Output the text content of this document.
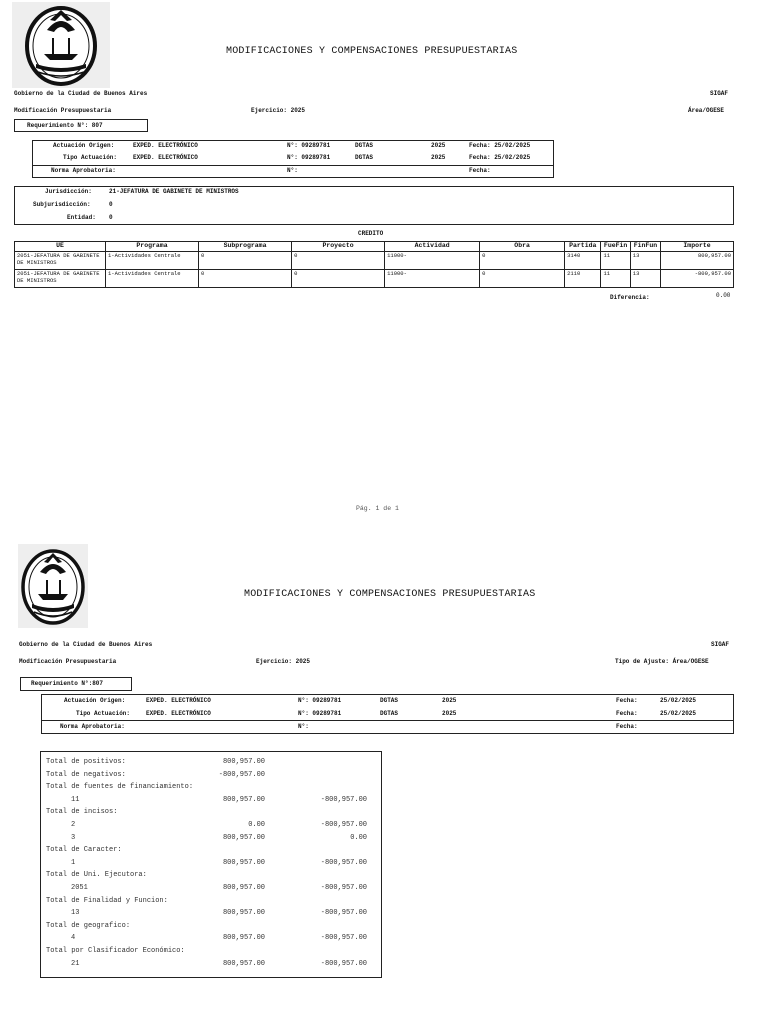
MODIFICACIONES Y COMPENSACIONES PRESUPUESTARIAS
Gobierno de la Ciudad de Buenos Aires	SIGAF
Modificación Presupuestaria	Ejercicio: 2025	Área/OGESE
Requerimiento N°: 807
Actuación Origen:	EXPED. ELECTRÓNICO	N°: 09289781	DGTAS	2025	Fecha: 25/02/2025
Tipo Actuación:	EXPED. ELECTRÓNICO	N°: 09289781	DGTAS	2025	Fecha: 25/02/2025
Norma Aprobatoria:	N°:	Fecha:
Jurisdicción:	21-JEFATURA DE GABINETE DE MINISTROS
Subjurisdicción:	0
Entidad: 0
CREDITO
UE	Programa	Subprograma	Proyecto	Actividad	Obra	Partida	FueFin	FinFun	Importe
2051-JEFATURA DE GABINETE DE MINISTROS	1-Actividades Centrale	0	0	11000-	0	3140	11	13	800,957.00
2051-JEFATURA DE GABINETE DE MINISTROS	1-Actividades Centrale	0	0	11000-	0	2110	11	13	-800,957.00
Diferencia:	0.00
Pág. 1 de 1
MODIFICACIONES Y COMPENSACIONES PRESUPUESTARIAS
Gobierno de la Ciudad de Buenos Aires	SIGAF
Modificación Presupuestaria	Ejercicio: 2025	Tipo de Ajuste: Área/OGESE
Requerimiento N°:807
Actuación Origen:	EXPED. ELECTRÓNICO	N°: 09289781	DGTAS	2025	Fecha:	25/02/2025
Tipo Actuación:	EXPED. ELECTRÓNICO	N°: 09289781	DGTAS	2025	Fecha:	25/02/2025
Norma Aprobatoria:	N°:	Fecha:
Total de positivos:	800,957.00
Total de negativos:	-800,957.00
Total de fuentes de financiamiento:
11	800,957.00	-800,957.00
Total de incisos:
2	0.00	-800,957.00
3	800,957.00	0.00
Total de Caracter:
1	800,957.00	-800,957.00
Total de Uni. Ejecutora:
2051	800,957.00	-800,957.00
Total de Finalidad y Funcion:
13	800,957.00	-800,957.00
Total de geografico:
4	800,957.00	-800,957.00
Total por Clasificador Económico:
21	800,957.00	-800,957.00
